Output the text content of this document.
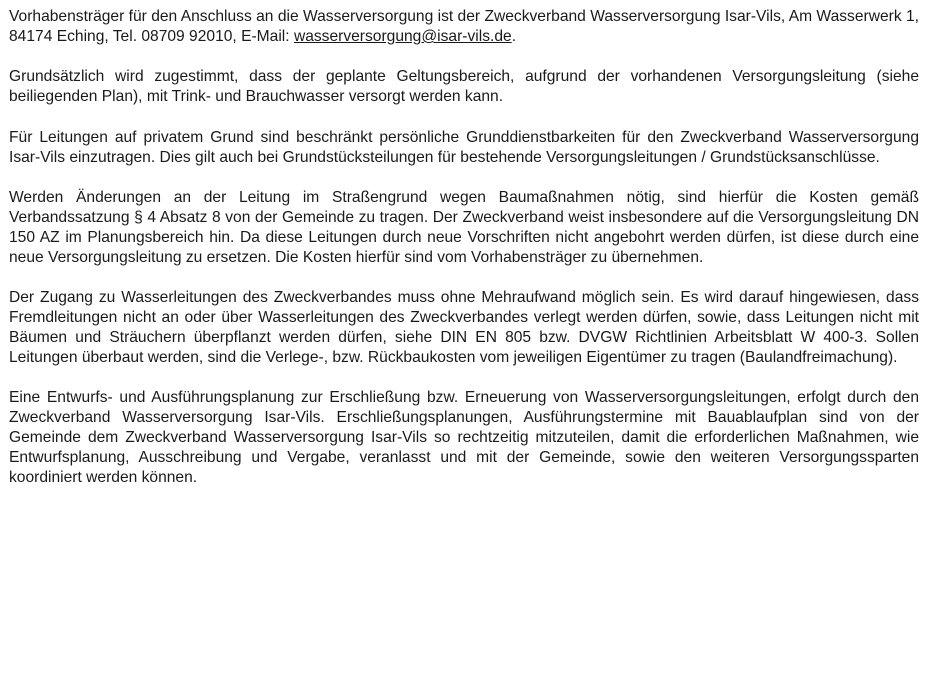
Vorhabensträger für den Anschluss an die Wasserversorgung ist der Zweckverband Wasserversorgung Isar-Vils, Am Wasserwerk 1, 84174 Eching, Tel. 08709 92010, E-Mail: wasserversorgung@isar-vils.de.

Grundsätzlich wird zugestimmt, dass der geplante Geltungsbereich, aufgrund der vorhandenen Versorgungsleitung (siehe beiliegenden Plan), mit Trink- und Brauchwasser versorgt werden kann.

Für Leitungen auf privatem Grund sind beschränkt persönliche Grunddienstbarkeiten für den Zweckverband Wasserversorgung Isar-Vils einzutragen. Dies gilt auch bei Grundstücksteilungen für bestehende Versorgungsleitungen / Grundstücksanschlüsse.

Werden Änderungen an der Leitung im Straßengrund wegen Baumaßnahmen nötig, sind hierfür die Kosten gemäß Verbandssatzung § 4 Absatz 8 von der Gemeinde zu tragen. Der Zweckverband weist insbesondere auf die Versorgungsleitung DN 150 AZ im Planungsbereich hin. Da diese Leitungen durch neue Vorschriften nicht angebohrt werden dürfen, ist diese durch eine neue Versorgungsleitung zu ersetzen. Die Kosten hierfür sind vom Vorhabensträger zu übernehmen.

Der Zugang zu Wasserleitungen des Zweckverbandes muss ohne Mehraufwand möglich sein. Es wird darauf hingewiesen, dass Fremdleitungen nicht an oder über Wasserleitungen des Zweckverbandes verlegt werden dürfen, sowie, dass Leitungen nicht mit Bäumen und Sträuchern überpflanzt werden dürfen, siehe DIN EN 805 bzw. DVGW Richtlinien Arbeitsblatt W 400-3. Sollen Leitungen überbaut werden, sind die Verlege-, bzw. Rückbaukosten vom jeweiligen Eigentümer zu tragen (Baulandfreimachung).

Eine Entwurfs- und Ausführungsplanung zur Erschließung bzw. Erneuerung von Wasserversorgungsleitungen, erfolgt durch den Zweckverband Wasserversorgung Isar-Vils. Erschließungsplanungen, Ausführungstermine mit Bauablaufplan sind von der Gemeinde dem Zweckverband Wasserversorgung Isar-Vils so rechtzeitig mitzuteilen, damit die erforderlichen Maßnahmen, wie Entwurfsplanung, Ausschreibung und Vergabe, veranlasst und mit der Gemeinde, sowie den weiteren Versorgungssparten koordiniert werden können.
